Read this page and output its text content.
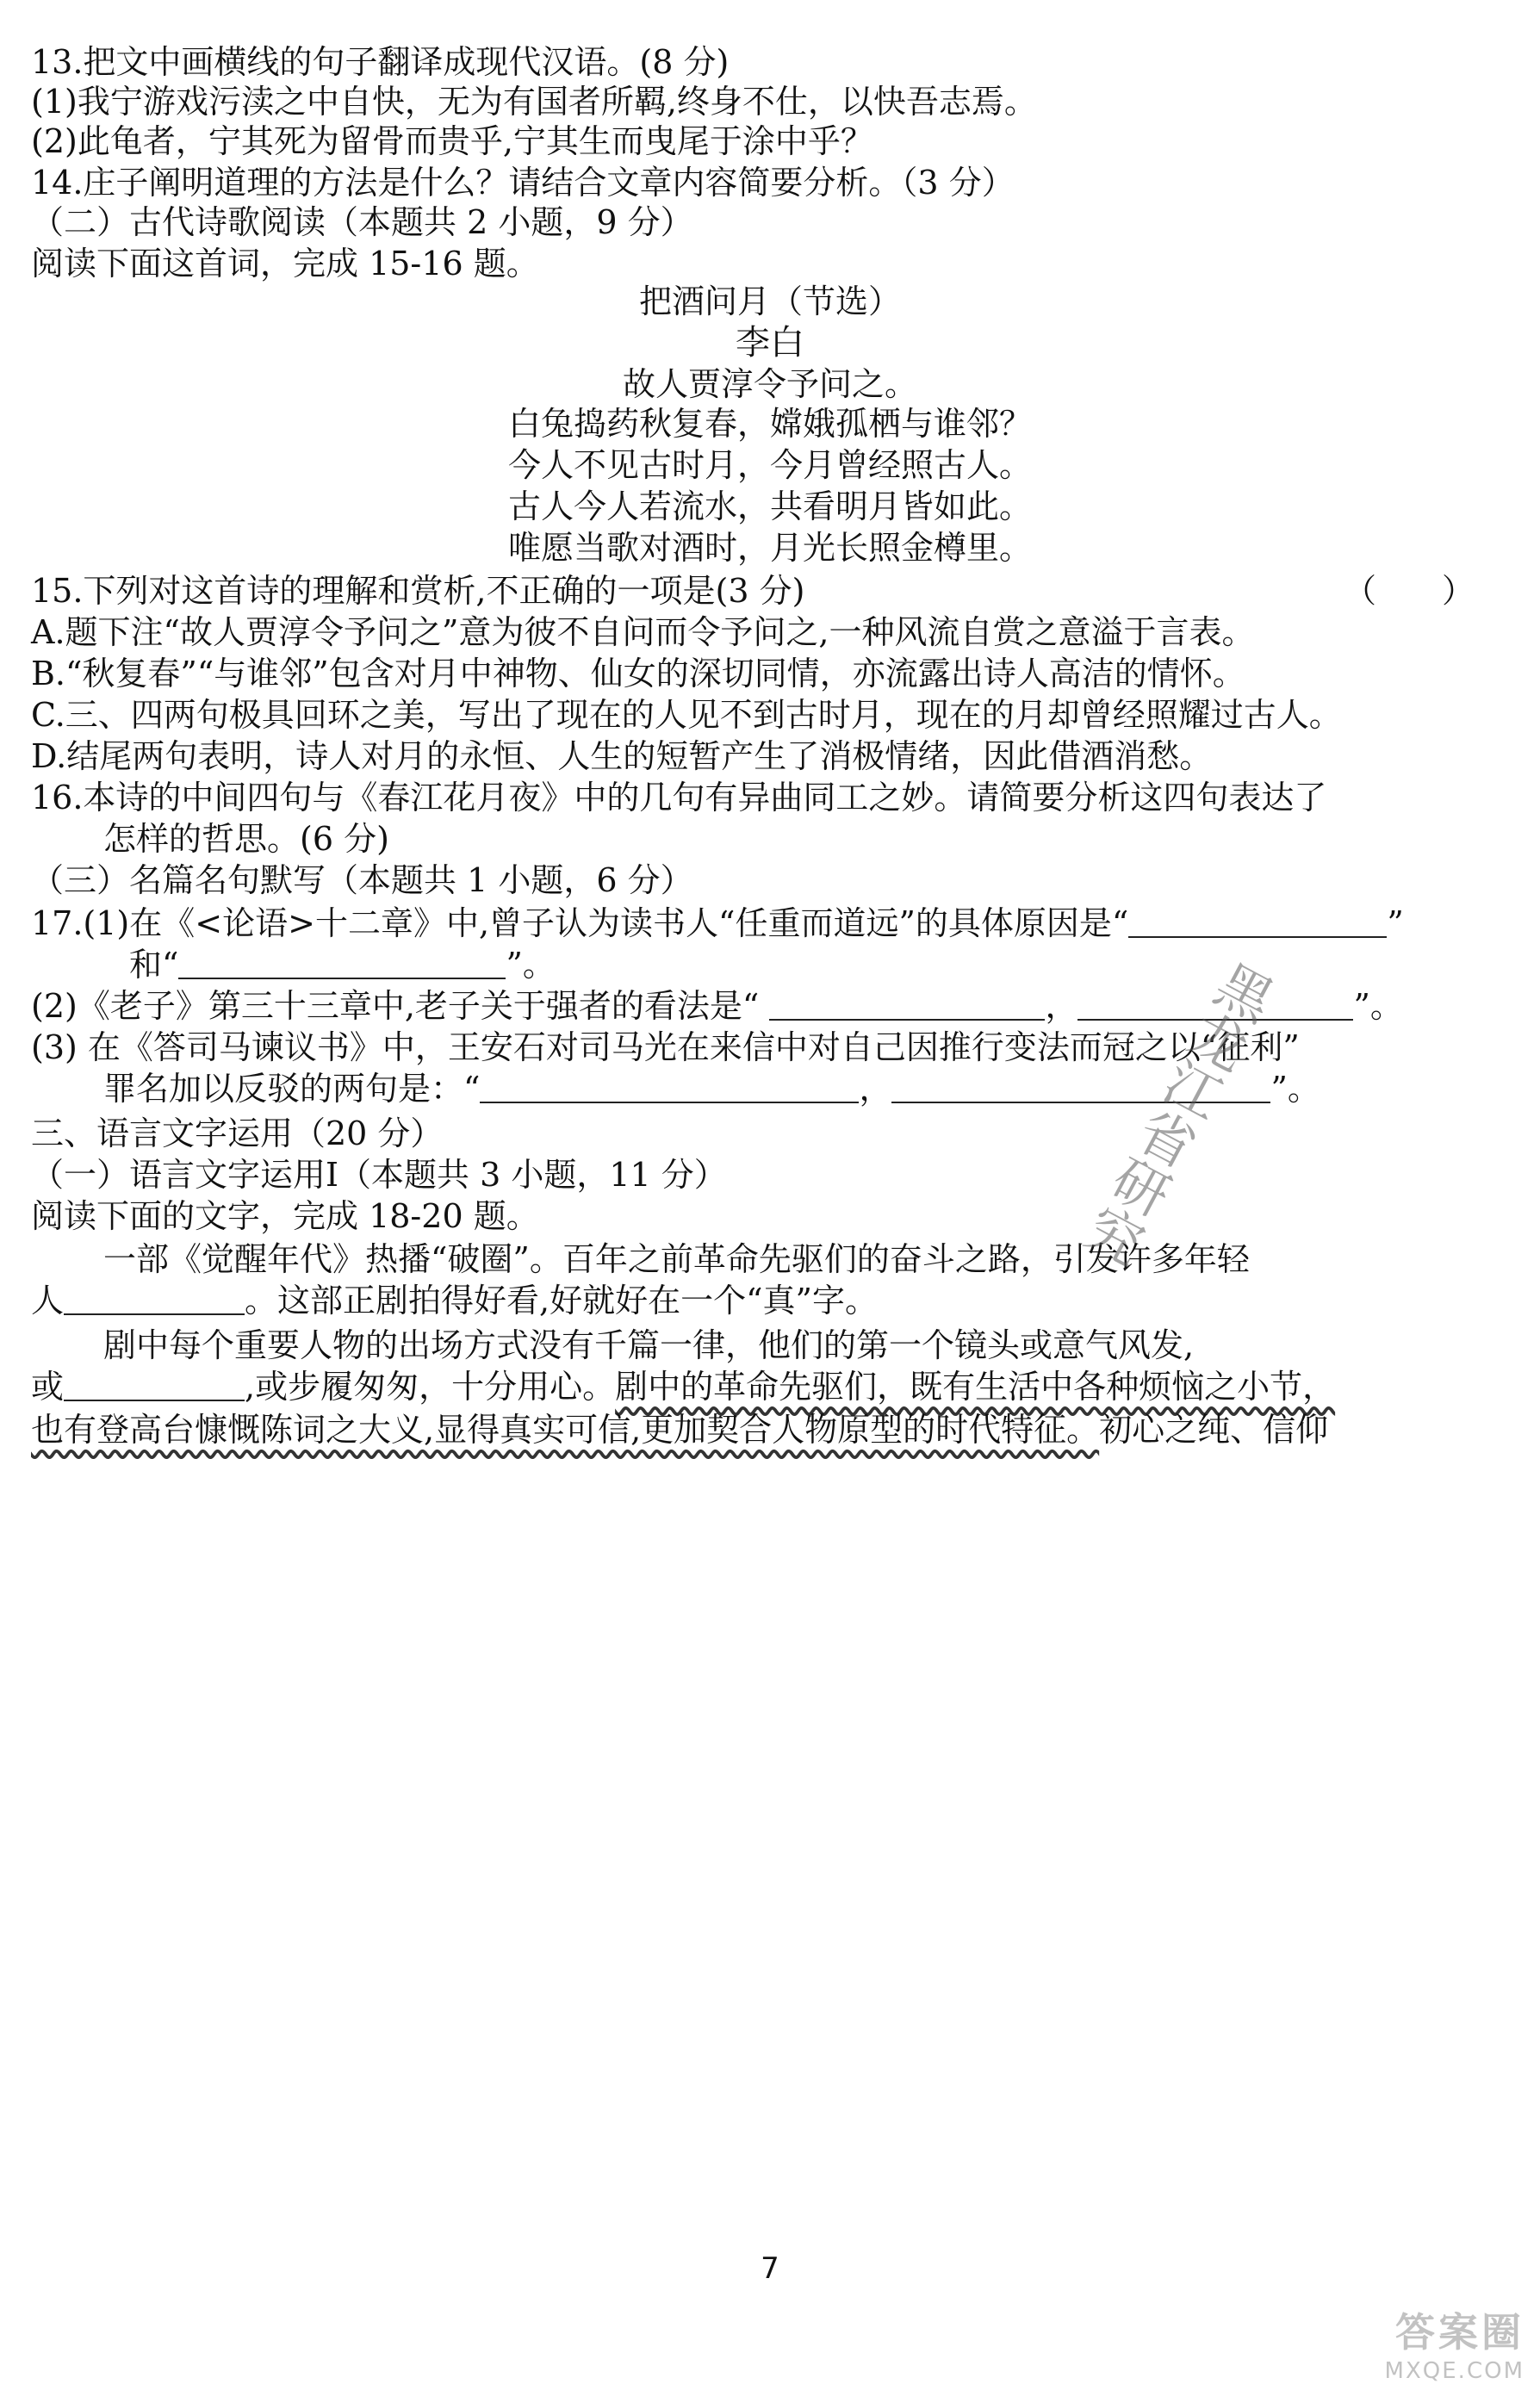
13.把文中画横线的句子翻译成现代汉语。(8 分)
(1)我宁游戏污渎之中自快，无为有国者所羁,终身不仕，以快吾志焉。
(2)此龟者，宁其死为留骨而贵乎,宁其生而曳尾于涂中乎？
14.庄子阐明道理的方法是什么？请结合文章内容简要分析。（3 分）
（二）古代诗歌阅读（本题共 2 小题，9 分）
阅读下面这首词，完成 15-16 题。
把酒问月（节选）
李白
故人贾淳令予问之。
白兔捣药秋复春，嫦娥孤栖与谁邻？
今人不见古时月，今月曾经照古人。
古人今人若流水，共看明月皆如此。
唯愿当歌对酒时，月光长照金樽里。
15.下列对这首诗的理解和赏析,不正确的一项是(3 分)	（　　）
A.题下注“故人贾淳令予问之”意为彼不自问而令予问之,一种风流自赏之意溢于言表。
B.“秋复春”“与谁邻”包含对月中神物、仙女的深切同情，亦流露出诗人高洁的情怀。
C.三、四两句极具回环之美，写出了现在的人见不到古时月，现在的月却曾经照耀过古人。
D.结尾两句表明，诗人对月的永恒、人生的短暂产生了消极情绪，因此借酒消愁。
16.本诗的中间四句与《春江花月夜》中的几句有异曲同工之妙。请简要分析这四句表达了
怎样的哲思。(6 分)
（三）名篇名句默写（本题共 1 小题，6 分）
17.(1)在《<论语>十二章》中,曾子认为读书人“任重而道远”的具体原因是“	”
和“	”。
(2)《老子》第三十三章中,老子关于强者的看法是“	，	”。
(3) 在《答司马谏议书》中，王安石对司马光在来信中对自己因推行变法而冠之以“征利”
罪名加以反驳的两句是：“	，	”。
三、语言文字运用（20 分）
（一）语言文字运用Ⅰ（本题共 3 小题，11 分）
阅读下面的文字，完成 18-20 题。
一部《觉醒年代》热播“破圈”。百年之前革命先驱们的奋斗之路，引发许多年轻
人	。这部正剧拍得好看,好就好在一个“真”字。
剧中每个重要人物的出场方式没有千篇一律，他们的第一个镜头或意气风发,
或	,或步履匆匆，十分用心。剧中的革命先驱们，既有生活中各种烦恼之小节，
也有登高台慷慨陈词之大义,显得真实可信,更加契合人物原型的时代特征。初心之纯、信仰
7
黑龙江省研究
答案圈
MXQE.COM
